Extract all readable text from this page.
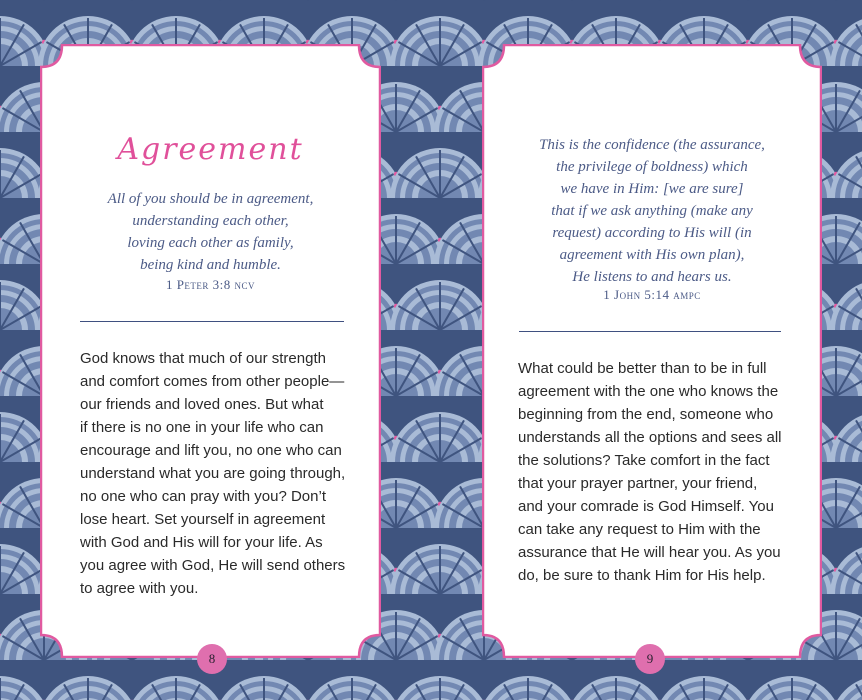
Agreement
All of you should be in agreement,
understanding each other,
loving each other as family,
being kind and humble.
1 Peter 3:8 ncv
God knows that much of our strength
and comfort comes from other people—
our friends and loved ones. But what
if there is no one in your life who can
encourage and lift you, no one who can
understand what you are going through,
no one who can pray with you? Don’t
lose heart. Set yourself in agreement
with God and His will for your life. As
you agree with God, He will send others
to agree with you.
8
This is the confidence (the assurance,
the privilege of boldness) which
we have in Him: [we are sure]
that if we ask anything (make any
request) according to His will (in
agreement with His own plan),
He listens to and hears us.
1 John 5:14 ampc
What could be better than to be in full
agreement with the one who knows the
beginning from the end, someone who
understands all the options and sees all
the solutions? Take comfort in the fact
that your prayer partner, your friend,
and your comrade is God Himself. You
can take any request to Him with the
assurance that He will hear you. As you
do, be sure to thank Him for His help.
9
